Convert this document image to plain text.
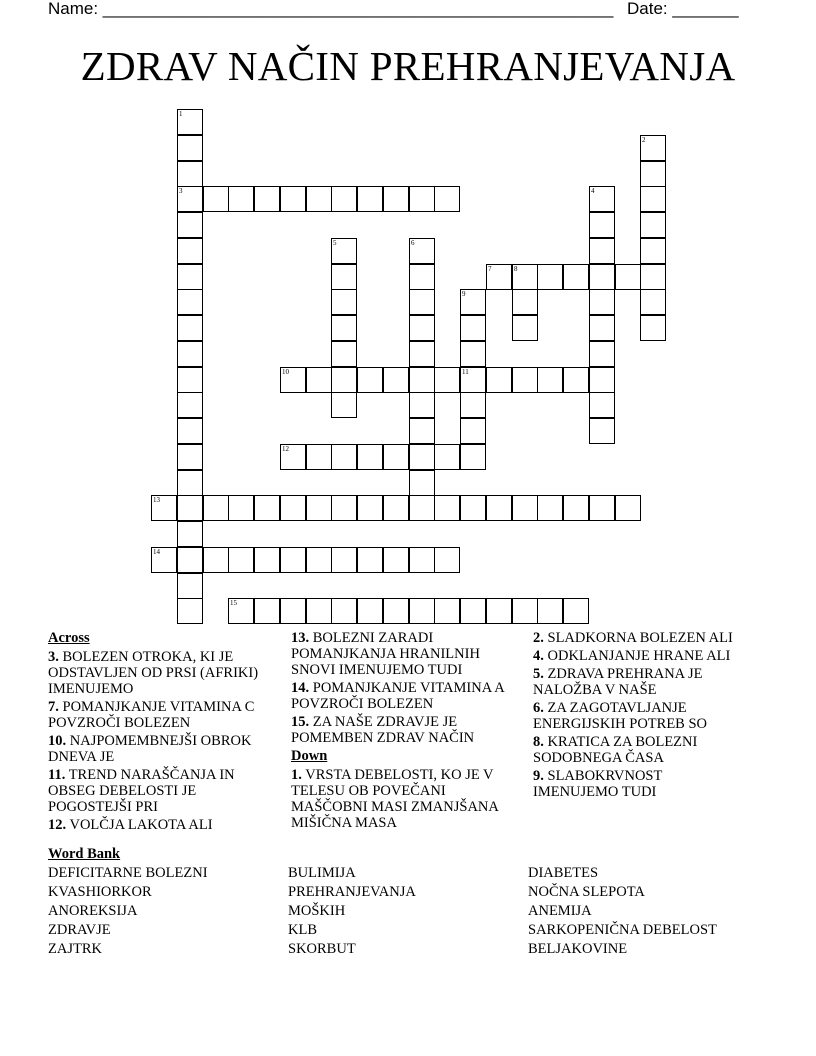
Name: ______________________________________________________ Date: _______
ZDRAV NAČIN PREHRANJEVANJA
1
3
2
4
5	6
7	8
9
11
10
12
13
14
15
Across
3. BOLEZEN OTROKA, KI JE ODSTAVLJEN OD PRSI (AFRIKI) IMENUJEMO
7. POMANJKANJE VITAMINA C POVZROČI BOLEZEN
10. NAJPOMEMBNEJŠI OBROK DNEVA JE
11. TREND NARAŠČANJA IN OBSEG DEBELOSTI JE POGOSTEJŠI PRI
12. VOLČJA LAKOTA ALI
13. BOLEZNI ZARADI POMANJKANJA HRANILNIH SNOVI IMENUJEMO TUDI
14. POMANJKANJE VITAMINA A POVZROČI BOLEZEN
15. ZA NAŠE ZDRAVJE JE POMEMBEN ZDRAV NAČIN
Down
1. VRSTA DEBELOSTI, KO JE V TELESU OB POVEČANI MAŠČOBNI MASI ZMANJŠANA MIŠIČNA MASA
2. SLADKORNA BOLEZEN ALI
4. ODKLANJANJE HRANE ALI
5. ZDRAVA PREHRANA JE NALOŽBA V NAŠE
6. ZA ZAGOTAVLJANJE ENERGIJSKIH POTREB SO
8. KRATICA ZA BOLEZNI SODOBNEGA ČASA
9. SLABOKRVNOST IMENUJEMO TUDI
Word Bank
DEFICITARNE BOLEZNI
KVASHIORKOR
ANOREKSIJA
ZDRAVJE
ZAJTRK
BULIMIJA
PREHRANJEVANJA
MOŠKIH
KLB
SKORBUT
DIABETES
NOČNA SLEPOTA
ANEMIJA
SARKOPENIČNA DEBELOST
BELJAKOVINE
